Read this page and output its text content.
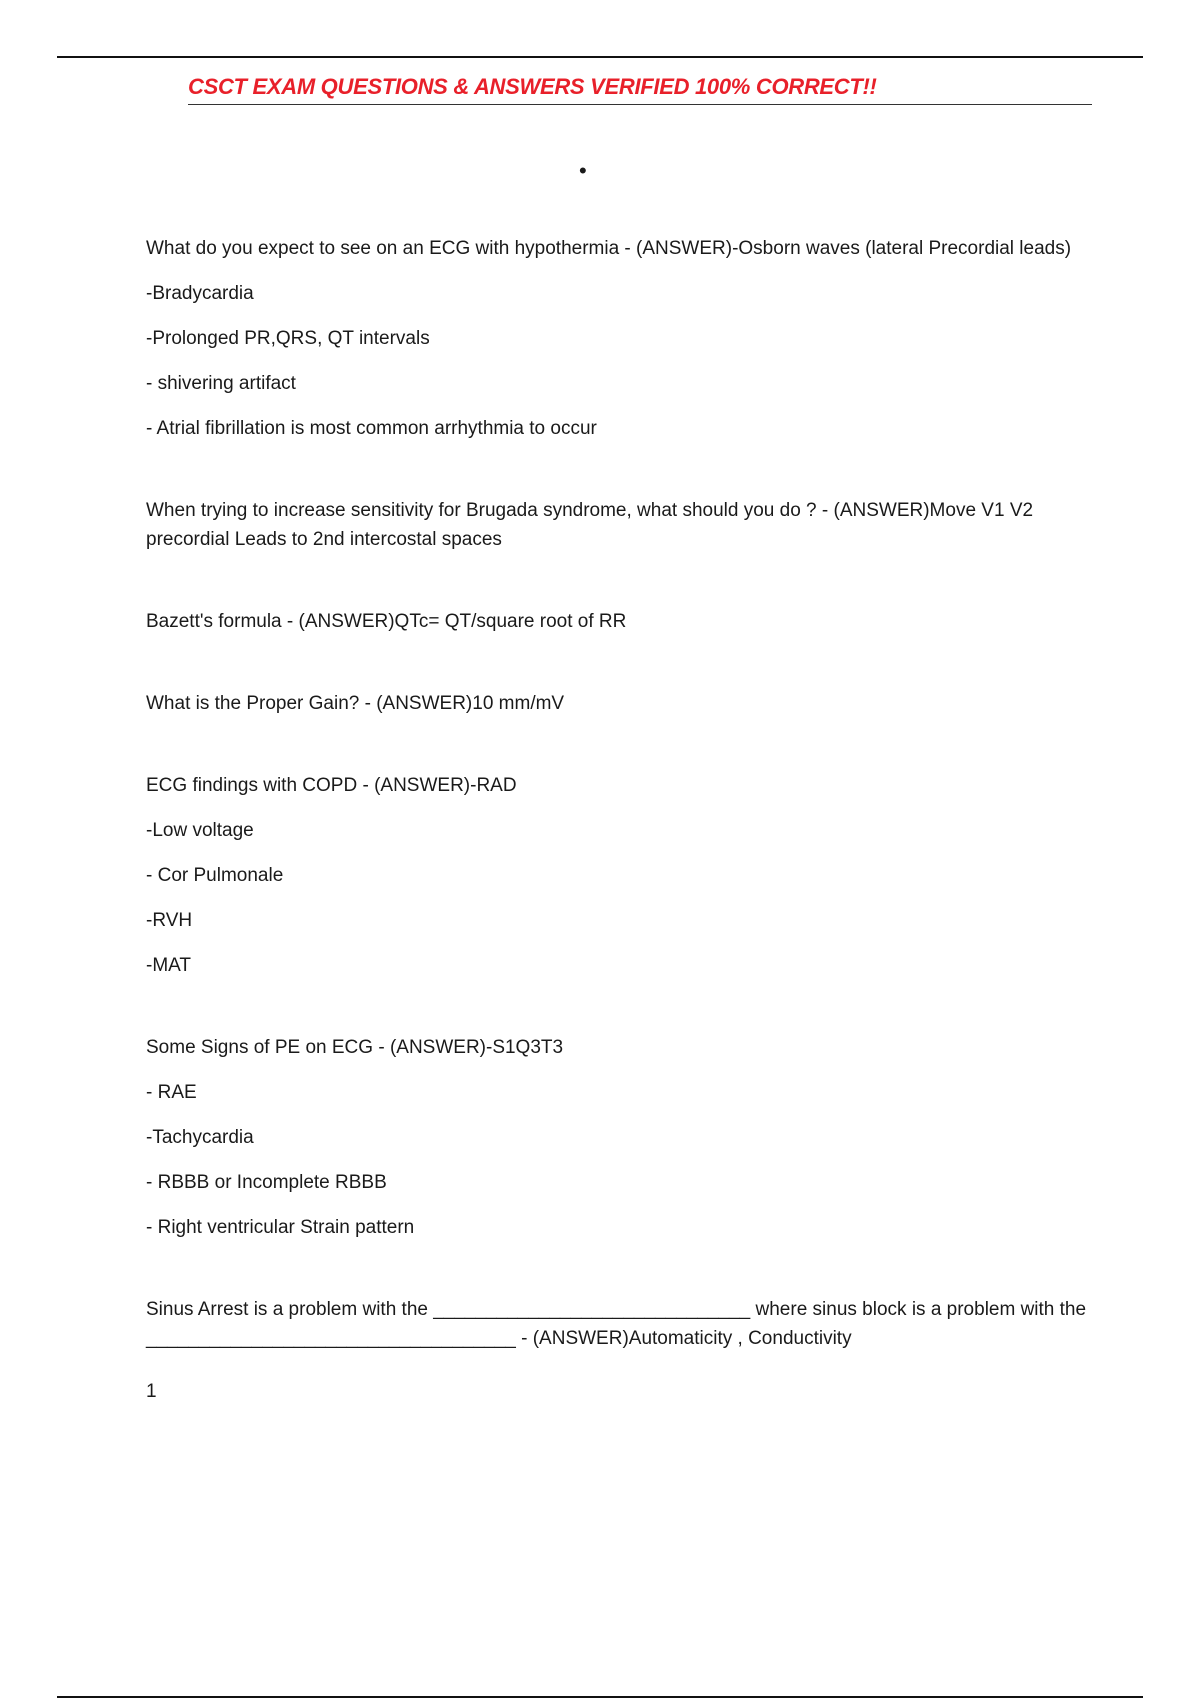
CSCT EXAM QUESTIONS & ANSWERS VERIFIED 100% CORRECT!!
•

What do you expect to see on an ECG with hypothermia - (ANSWER)-Osborn waves (lateral Precordial leads)

-Bradycardia

-Prolonged PR,QRS, QT intervals

- shivering artifact

- Atrial fibrillation is most common arrhythmia to occur

When trying to increase sensitivity for Brugada syndrome, what should you do ? - (ANSWER)Move V1 V2 precordial Leads to 2nd intercostal spaces

Bazett's formula - (ANSWER)QTc= QT/square root of RR

What is the Proper Gain? - (ANSWER)10 mm/mV

ECG findings with COPD - (ANSWER)-RAD

-Low voltage

- Cor Pulmonale

-RVH

-MAT

Some Signs of PE on ECG - (ANSWER)-S1Q3T3

- RAE

-Tachycardia

- RBBB or Incomplete RBBB

- Right ventricular Strain pattern

Sinus Arrest is a problem with the ______________________________ where sinus block is a problem with the ___________________________________ - (ANSWER)Automaticity , Conductivity

1
